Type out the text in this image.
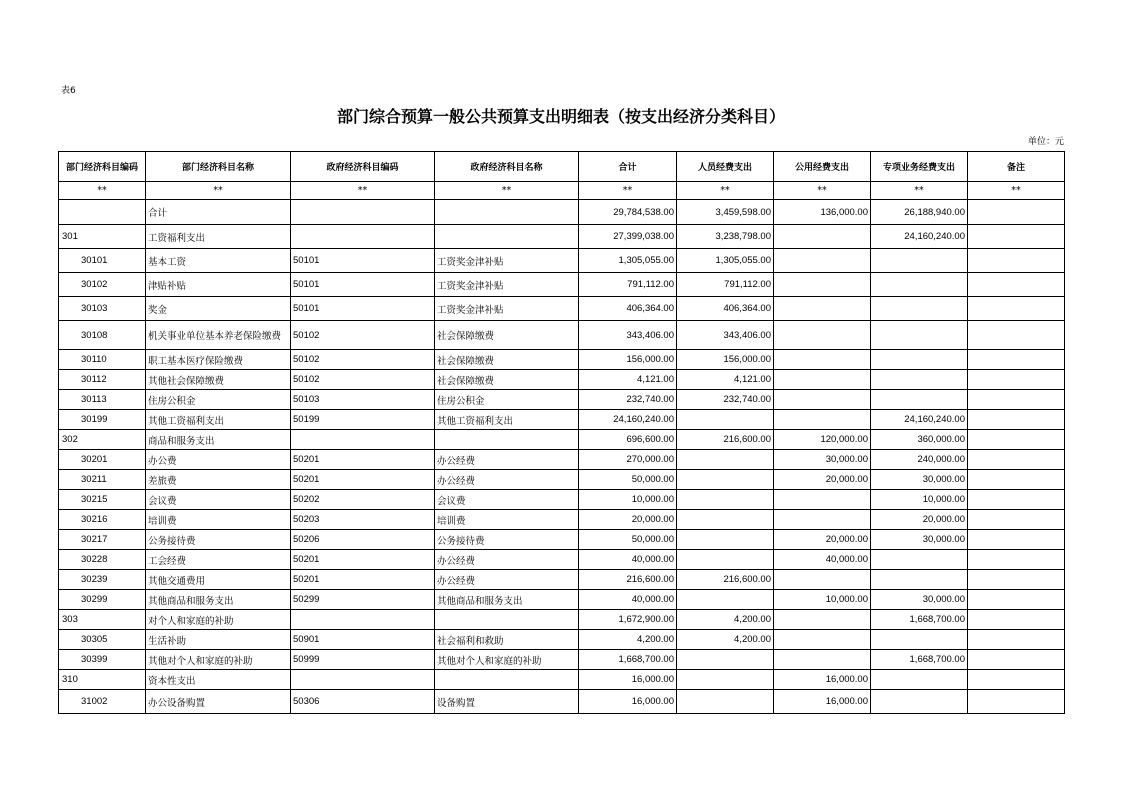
表6
部门综合预算一般公共预算支出明细表（按支出经济分类科目）
单位：元
部门经济科目编码	部门经济科目名称	政府经济科目编码	政府经济科目名称	合计	人员经费支出	公用经费支出	专项业务经费支出	备注
**	**	**	**	**	**	**	**	**
	合计			29,784,538.00	3,459,598.00	136,000.00	26,188,940.00	
301	工资福利支出			27,399,038.00	3,238,798.00		24,160,240.00	
30101	基本工资	50101	工资奖金津补贴	1,305,055.00	1,305,055.00			
30102	津贴补贴	50101	工资奖金津补贴	791,112.00	791,112.00			
30103	奖金	50101	工资奖金津补贴	406,364.00	406,364.00			
30108	机关事业单位基本养老保险缴费	50102	社会保障缴费	343,406.00	343,406.00			
30110	职工基本医疗保险缴费	50102	社会保障缴费	156,000.00	156,000.00			
30112	其他社会保障缴费	50102	社会保障缴费	4,121.00	4,121.00			
30113	住房公积金	50103	住房公积金	232,740.00	232,740.00			
30199	其他工资福利支出	50199	其他工资福利支出	24,160,240.00			24,160,240.00	
302	商品和服务支出			696,600.00	216,600.00	120,000.00	360,000.00	
30201	办公费	50201	办公经费	270,000.00		30,000.00	240,000.00	
30211	差旅费	50201	办公经费	50,000.00		20,000.00	30,000.00	
30215	会议费	50202	会议费	10,000.00			10,000.00	
30216	培训费	50203	培训费	20,000.00			20,000.00	
30217	公务接待费	50206	公务接待费	50,000.00		20,000.00	30,000.00	
30228	工会经费	50201	办公经费	40,000.00		40,000.00		
30239	其他交通费用	50201	办公经费	216,600.00	216,600.00			
30299	其他商品和服务支出	50299	其他商品和服务支出	40,000.00		10,000.00	30,000.00	
303	对个人和家庭的补助			1,672,900.00	4,200.00		1,668,700.00	
30305	生活补助	50901	社会福利和救助	4,200.00	4,200.00			
30399	其他对个人和家庭的补助	50999	其他对个人和家庭的补助	1,668,700.00			1,668,700.00	
310	资本性支出			16,000.00		16,000.00		
31002	办公设备购置	50306	设备购置	16,000.00		16,000.00		
